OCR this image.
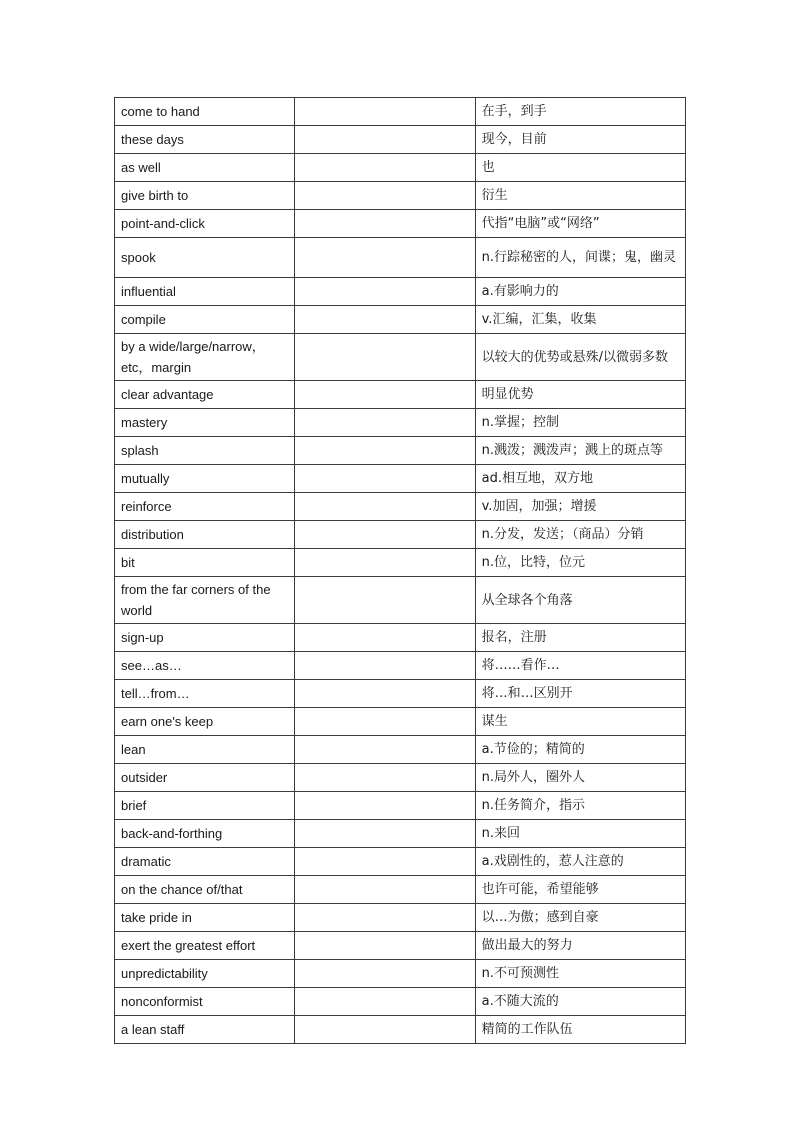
come to hand		在手，到手
these days		现今，目前
as well		也
give birth to		衍生
point-and-click		代指“电脑”或“网络”
spook		n.行踪秘密的人，间谍；鬼，幽灵
influential		a.有影响力的
compile		v.汇编，汇集，收集
by a wide/large/narrow，etc，margin		以较大的优势或悬殊/以微弱多数
clear advantage		明显优势
mastery		n.掌握；控制
splash		n.溅泼；溅泼声；溅上的斑点等
mutually		ad.相互地，双方地
reinforce		v.加固，加强；增援
distribution		n.分发，发送；（商品）分销
bit		n.位，比特，位元
from the far corners of the world		从全球各个角落
sign-up		报名，注册
see…as…		将……看作…
tell…from…		将…和…区别开
earn one's keep		谋生
lean		a.节俭的；精简的
outsider		n.局外人，圈外人
brief		n.任务简介，指示
back-and-forthing		n.来回
dramatic		a.戏剧性的，惹人注意的
on the chance of/that		也许可能，希望能够
take pride in		以…为傲；感到自豪
exert the greatest effort		做出最大的努力
unpredictability		n.不可预测性
nonconformist		a.不随大流的
a lean staff		精简的工作队伍
